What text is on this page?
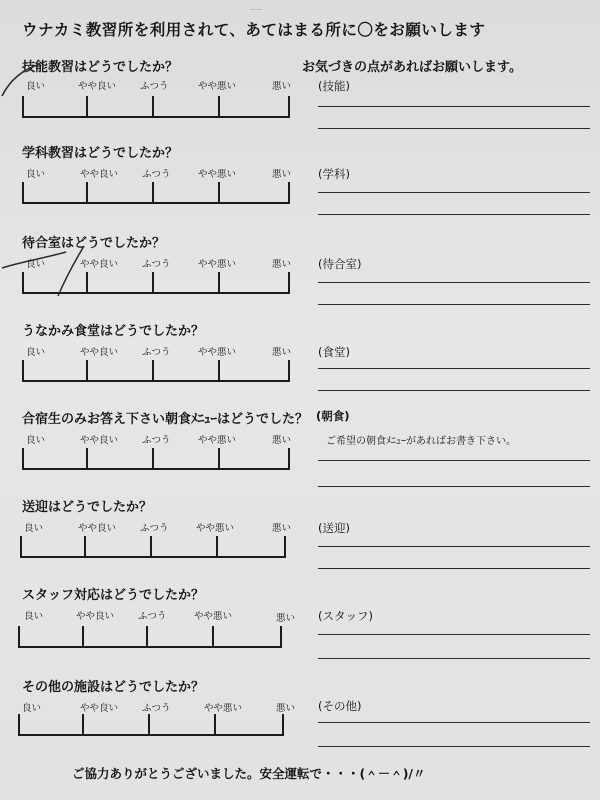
―
ウナカミ教習所を利用されて、あてはまる所に〇をお願いします
お気づきの点があればお願いします。
技能教習はどうでしたか？
良い	やや良い	ふつう	やや悪い	悪い (技能)
学科教習はどうでしたか？
良い	やや良い	ふつう	やや悪い	悪い (学科)
待合室はどうでしたか？
良い	やや良い	ふつう	やや悪い	悪い (待合室)
うなかみ食堂はどうでしたか？
良い	やや良い	ふつう	やや悪い	悪い (食堂)
合宿生のみお答え下さい朝食ﾒﾆｭｰはどうでした？
良い	やや良い	ふつう	やや悪い	悪い
(朝食)
ご希望の朝食ﾒﾆｭｰがあればお書き下さい。
送迎はどうでしたか？
良い	やや良い	ふつう	やや悪い	悪い (送迎)
スタッフ対応はどうでしたか？
良い	やや良い	ふつう	やや悪い	悪い (スタッフ)
その他の施設はどうでしたか？
良い	やや良い	ふつう	やや悪い	悪い (その他)
ご協力ありがとうございました。安全運転で・・・(＾－＾)/〃
